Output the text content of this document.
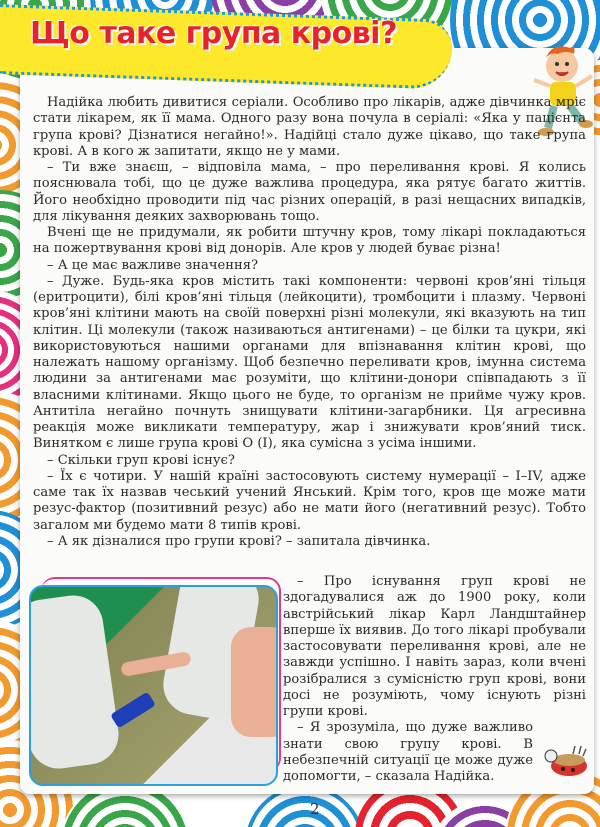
Що таке група крові?

Надійка любить дивитися серіали. Особливо про лікарів, адже дівчинка мріє стати лікарем, як її мама. Одного разу вона почула в серіалі: «Яка у пацієнта група крові? Дізнатися негайно!». Надійці стало дуже цікаво, що таке група крові. А в кого ж запитати, якщо не у мами.

– Ти вже знаєш, – відповіла мама, – про переливання крові. Я колись пояснювала тобі, що це дуже важлива процедура, яка рятує багато життів. Його необхідно проводити під час різних операцій, в разі нещасних випадків, для лікування деяких захворювань тощо.

Вчені ще не придумали, як робити штучну кров, тому лікарі покладаються на пожертвування крові від донорів. Але кров у людей буває різна!

– А це має важливе значення?

– Дуже. Будь-яка кров містить такі компоненти: червоні кров’яні тільця (еритроцити), білі кров’яні тільця (лейкоцити), тромбоцити і плазму. Червоні кров’яні клітини мають на своїй поверхні різні молекули, які вказують на тип клітин. Ці молекули (також називаються антигенами) – це білки та цукри, які використовуються нашими органами для впізнавання клітин крові, що належать нашому організму. Щоб безпечно переливати кров, імунна система людини за антигенами має розуміти, що клітини-донори співпадають з її власними клітинами. Якщо цього не буде, то організм не прийме чужу кров. Антитіла негайно почнуть знищувати клітини-загарбники. Ця агресивна реакція може викликати температуру, жар і знижувати кров’яний тиск. Винятком є лише група крові О (І), яка сумісна з усіма іншими.

– Скільки груп крові існує?

– Їх є чотири. У нашій країні застосовують систему нумерації – I–IV, адже саме так їх назвав чеський учений Янський. Крім того, кров ще може мати резус-фактор (позитивний резус) або не мати його (негативний резус). Тобто загалом ми будемо мати 8 типів крові.

– А як дізналися про групи крові? – запитала дівчинка.

– Про існування груп крові не здогадувалися аж до 1900 року, коли австрійський лікар Карл Ландштайнер вперше їх виявив. До того лікарі пробували застосовувати переливання крові, але не завжди успішно. І навіть зараз, коли вчені розібралися з сумісністю груп крові, вони досі не розуміють, чому існують різні групи крові.

– Я зрозуміла, що дуже важливо знати свою групу крові. В небезпечній ситуації це може дуже допомогти, – сказала Надійка.

2
